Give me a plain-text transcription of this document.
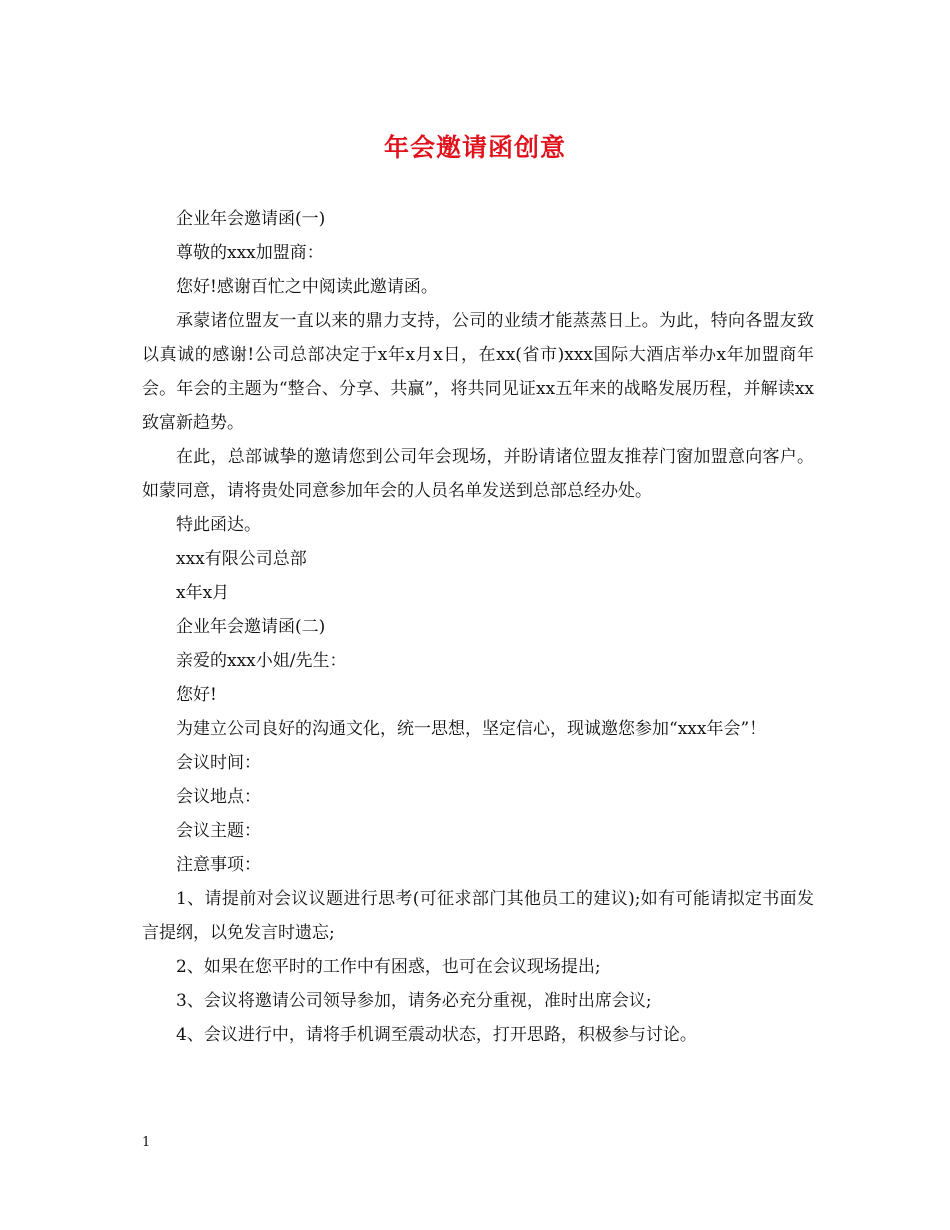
年会邀请函创意

企业年会邀请函(一)

尊敬的xxx加盟商：

您好!感谢百忙之中阅读此邀请函。

承蒙诸位盟友一直以来的鼎力支持，公司的业绩才能蒸蒸日上。为此，特向各盟友致以真诚的感谢!公司总部决定于x年x月x日，在xx(省市)xxx国际大酒店举办x年加盟商年会。年会的主题为“整合、分享、共赢”，将共同见证xx五年来的战略发展历程，并解读xx致富新趋势。

在此，总部诚挚的邀请您到公司年会现场，并盼请诸位盟友推荐门窗加盟意向客户。如蒙同意，请将贵处同意参加年会的人员名单发送到总部总经办处。

特此函达。

xxx有限公司总部

x年x月

企业年会邀请函(二)

亲爱的xxx小姐/先生：

您好!

为建立公司良好的沟通文化，统一思想，坚定信心，现诚邀您参加“xxx年会”！

会议时间：

会议地点：

会议主题：

注意事项：

1、请提前对会议议题进行思考(可征求部门其他员工的建议);如有可能请拟定书面发言提纲，以免发言时遗忘;

2、如果在您平时的工作中有困惑，也可在会议现场提出;

3、会议将邀请公司领导参加，请务必充分重视，准时出席会议;

4、会议进行中，请将手机调至震动状态，打开思路，积极参与讨论。

1
